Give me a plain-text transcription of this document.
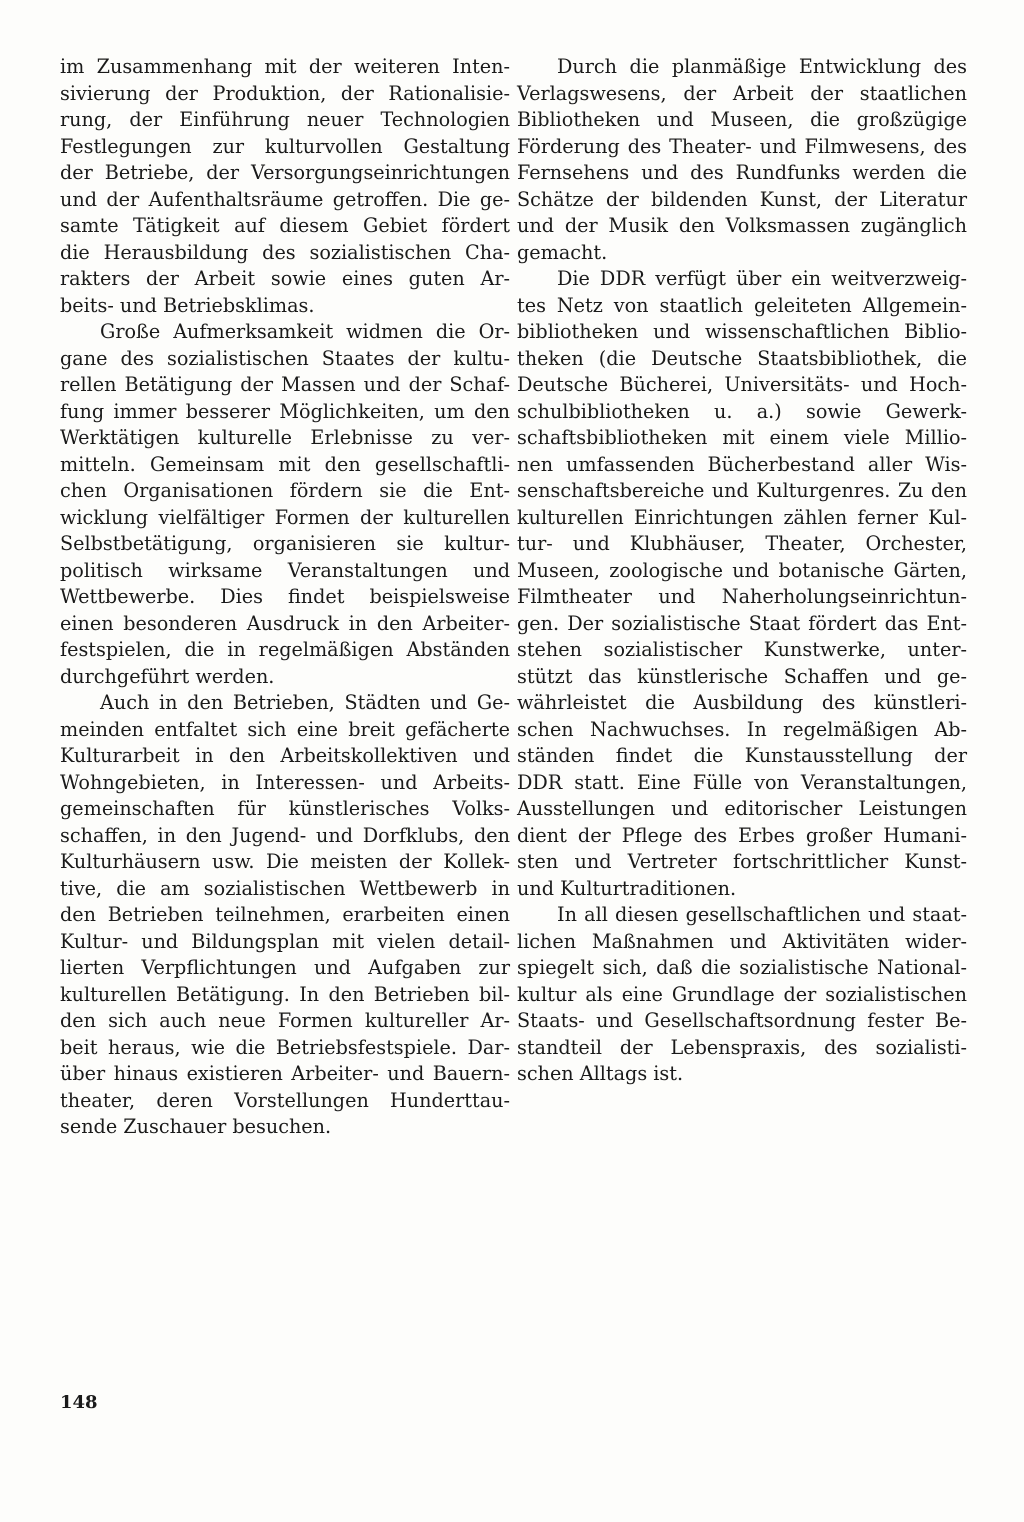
im Zusammenhang mit der weiteren Inten-
sivierung der Produktion, der Rationalisie-
rung, der Einführung neuer Technologien
Festlegungen zur kulturvollen Gestaltung
der Betriebe, der Versorgungseinrichtungen
und der Aufenthaltsräume getroffen. Die ge-
samte Tätigkeit auf diesem Gebiet fördert
die Herausbildung des sozialistischen Cha-
rakters der Arbeit sowie eines guten Ar-
beits- und Betriebsklimas.

Große Aufmerksamkeit widmen die Or-
gane des sozialistischen Staates der kultu-
rellen Betätigung der Massen und der Schaf-
fung immer besserer Möglichkeiten, um den
Werktätigen kulturelle Erlebnisse zu ver-
mitteln. Gemeinsam mit den gesellschaftli-
chen Organisationen fördern sie die Ent-
wicklung vielfältiger Formen der kulturellen
Selbstbetätigung, organisieren sie kultur-
politisch wirksame Veranstaltungen und
Wettbewerbe. Dies findet beispielsweise
einen besonderen Ausdruck in den Arbeiter-
festspielen, die in regelmäßigen Abständen
durchgeführt werden.

Auch in den Betrieben, Städten und Ge-
meinden entfaltet sich eine breit gefächerte
Kulturarbeit in den Arbeitskollektiven und
Wohngebieten, in Interessen- und Arbeits-
gemeinschaften für künstlerisches Volks-
schaffen, in den Jugend- und Dorfklubs, den
Kulturhäusern usw. Die meisten der Kollek-
tive, die am sozialistischen Wettbewerb in
den Betrieben teilnehmen, erarbeiten einen
Kultur- und Bildungsplan mit vielen detail-
lierten Verpflichtungen und Aufgaben zur
kulturellen Betätigung. In den Betrieben bil-
den sich auch neue Formen kultureller Ar-
beit heraus, wie die Betriebsfestspiele. Dar-
über hinaus existieren Arbeiter- und Bauern-
theater, deren Vorstellungen Hunderttau-
sende Zuschauer besuchen.

Durch die planmäßige Entwicklung des
Verlagswesens, der Arbeit der staatlichen
Bibliotheken und Museen, die großzügige
Förderung des Theater- und Filmwesens, des
Fernsehens und des Rundfunks werden die
Schätze der bildenden Kunst, der Literatur
und der Musik den Volksmassen zugänglich
gemacht.

Die DDR verfügt über ein weitverzweig-
tes Netz von staatlich geleiteten Allgemein-
bibliotheken und wissenschaftlichen Biblio-
theken (die Deutsche Staatsbibliothek, die
Deutsche Bücherei, Universitäts- und Hoch-
schulbibliotheken u. a.) sowie Gewerk-
schaftsbibliotheken mit einem viele Millio-
nen umfassenden Bücherbestand aller Wis-
senschaftsbereiche und Kulturgenres. Zu den
kulturellen Einrichtungen zählen ferner Kul-
tur- und Klubhäuser, Theater, Orchester,
Museen, zoologische und botanische Gärten,
Filmtheater und Naherholungseinrichtun-
gen. Der sozialistische Staat fördert das Ent-
stehen sozialistischer Kunstwerke, unter-
stützt das künstlerische Schaffen und ge-
währleistet die Ausbildung des künstleri-
schen Nachwuchses. In regelmäßigen Ab-
ständen findet die Kunstausstellung der
DDR statt. Eine Fülle von Veranstaltungen,
Ausstellungen und editorischer Leistungen
dient der Pflege des Erbes großer Humani-
sten und Vertreter fortschrittlicher Kunst-
und Kulturtraditionen.

In all diesen gesellschaftlichen und staat-
lichen Maßnahmen und Aktivitäten wider-
spiegelt sich, daß die sozialistische National-
kultur als eine Grundlage der sozialistischen
Staats- und Gesellschaftsordnung fester Be-
standteil der Lebenspraxis, des sozialisti-
schen Alltags ist.

148
